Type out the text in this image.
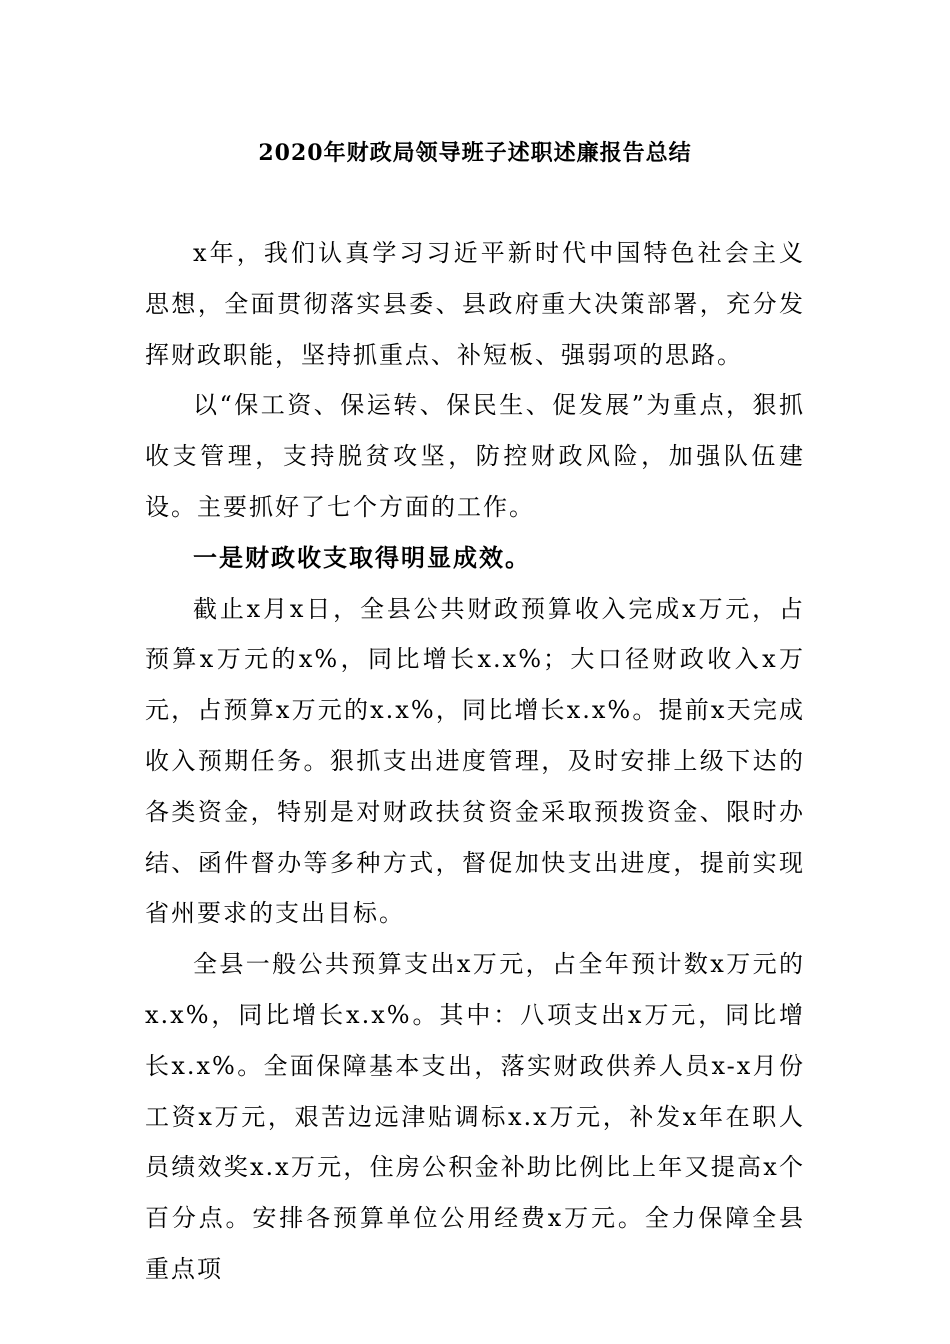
2020年财政局领导班子述职述廉报告总结

x年，我们认真学习习近平新时代中国特色社会主义思想，全面贯彻落实县委、县政府重大决策部署，充分发挥财政职能，坚持抓重点、补短板、强弱项的思路。

以“保工资、保运转、保民生、促发展”为重点，狠抓收支管理，支持脱贫攻坚，防控财政风险，加强队伍建设。主要抓好了七个方面的工作。

一是财政收支取得明显成效。

截止x月x日，全县公共财政预算收入完成x万元，占预算x万元的x%，同比增长x.x%；大口径财政收入x万元，占预算x万元的x.x%，同比增长x.x%。提前x天完成收入预期任务。狠抓支出进度管理，及时安排上级下达的各类资金，特别是对财政扶贫资金采取预拨资金、限时办结、函件督办等多种方式，督促加快支出进度，提前实现省州要求的支出目标。

全县一般公共预算支出x万元，占全年预计数x万元的x.x%，同比增长x.x%。其中：八项支出x万元，同比增长x.x%。全面保障基本支出，落实财政供养人员x-x月份工资x万元，艰苦边远津贴调标x.x万元，补发x年在职人员绩效奖x.x万元，住房公积金补助比例比上年又提高x个百分点。安排各预算单位公用经费x万元。全力保障全县重点项
